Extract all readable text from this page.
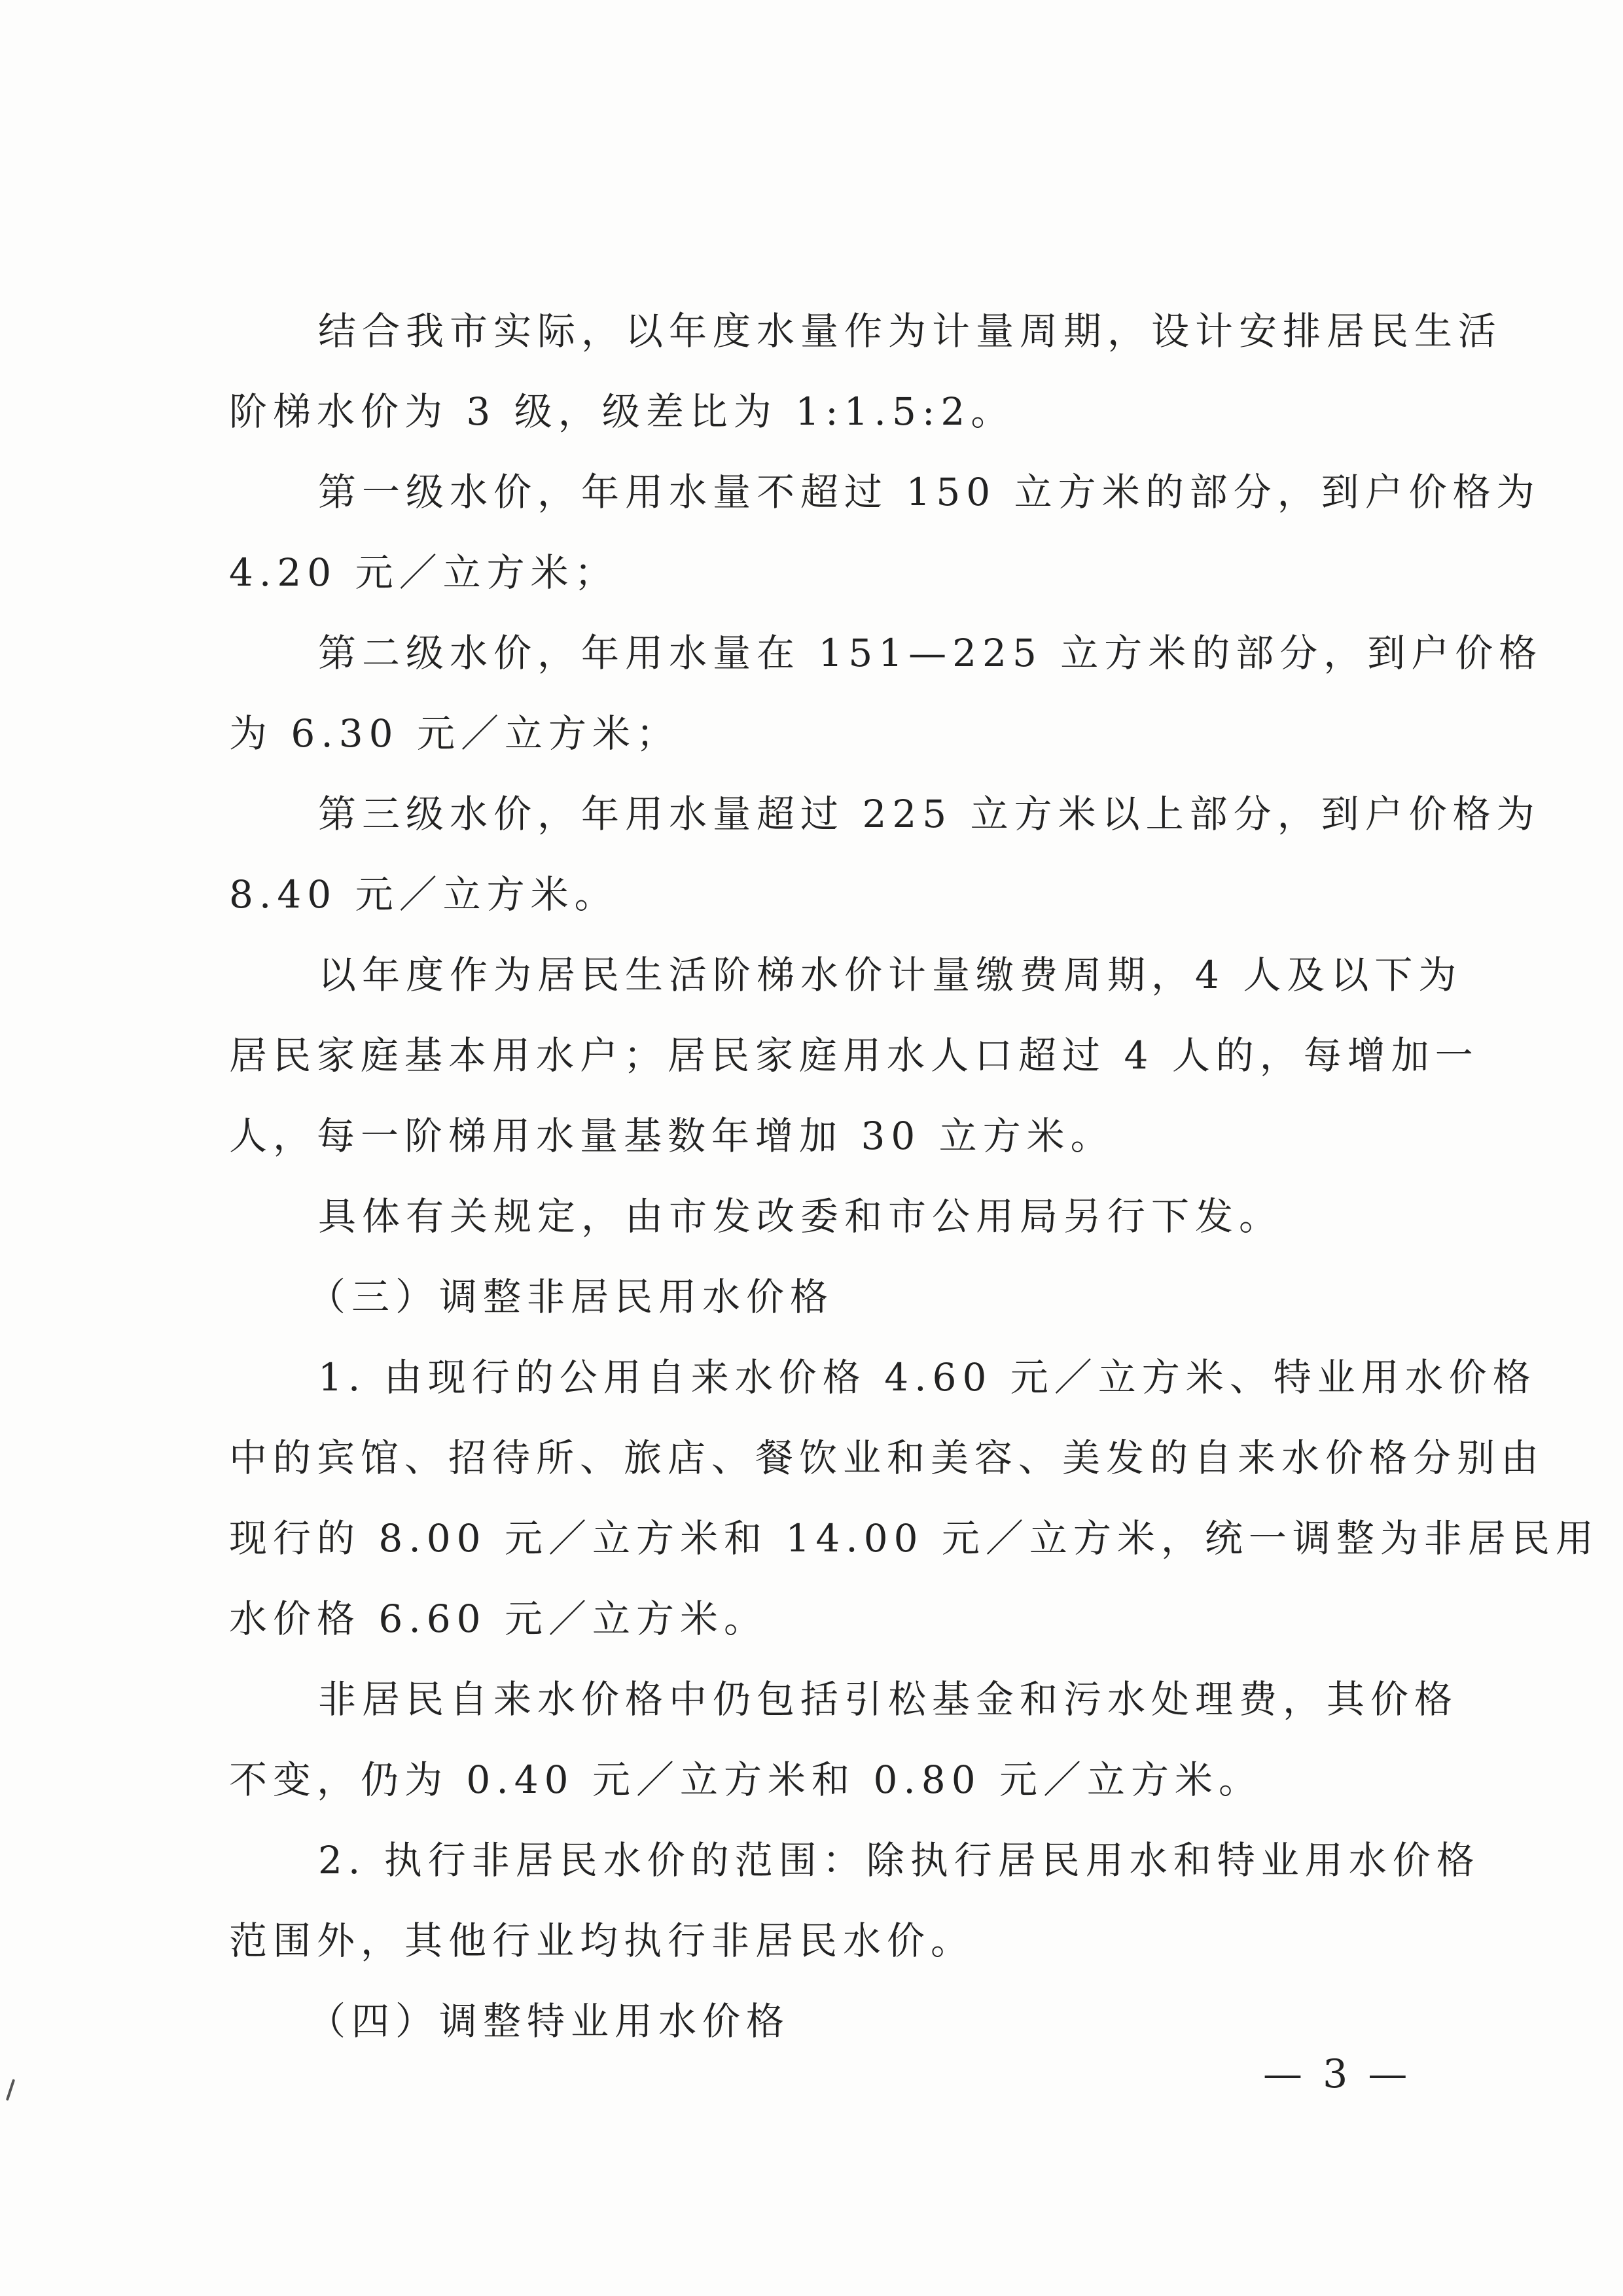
结合我市实际，以年度水量作为计量周期，设计安排居民生活
阶梯水价为 3 级，级差比为 1:1.5:2。
第一级水价，年用水量不超过 150 立方米的部分，到户价格为
4.20 元／立方米；
第二级水价，年用水量在 151—225 立方米的部分，到户价格
为 6.30 元／立方米；
第三级水价，年用水量超过 225 立方米以上部分，到户价格为
8.40 元／立方米。
以年度作为居民生活阶梯水价计量缴费周期，4 人及以下为
居民家庭基本用水户；居民家庭用水人口超过 4 人的，每增加一
人，每一阶梯用水量基数年增加 30 立方米。
具体有关规定，由市发改委和市公用局另行下发。
（三）调整非居民用水价格
1. 由现行的公用自来水价格 4.60 元／立方米、特业用水价格
中的宾馆、招待所、旅店、餐饮业和美容、美发的自来水价格分别由
现行的 8.00 元／立方米和 14.00 元／立方米，统一调整为非居民用
水价格 6.60 元／立方米。
非居民自来水价格中仍包括引松基金和污水处理费，其价格
不变，仍为 0.40 元／立方米和 0.80 元／立方米。
2. 执行非居民水价的范围：除执行居民用水和特业用水价格
范围外，其他行业均执行非居民水价。
（四）调整特业用水价格
— 3 —
